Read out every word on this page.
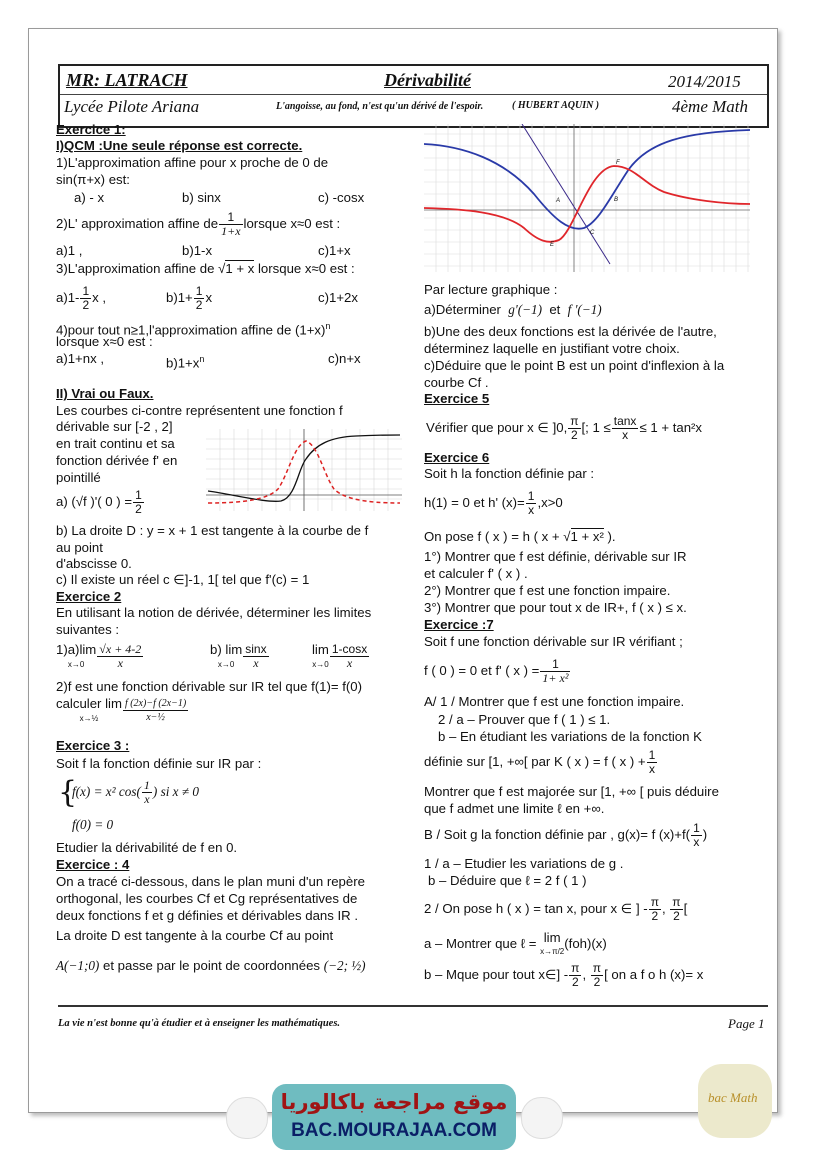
MR: LATRACH	Dérivabilité	2014/2015
Lycée Pilote Ariana	L'angoisse, au fond, n'est qu'un dérivé de l'espoir.	( HUBERT AQUIN )	4ème Math
Exercice 1:
I)QCM :Une seule réponse est correcte.
1)L'approximation affine pour x proche de 0 de
sin(π+x) est:
a) - x	b) sinx	c) -cosx
2)L' approximation affine de $\frac{1}{1+x}$ lorsque x≈0 est :
a)1 ,	b)1-x	c)1+x
3)L'approximation affine de √1 + x lorsque x≈0 est :
$a)1- \frac{1}{2}$ x ,	$b)1+ \frac{1}{2}$ x	c)1+2x
4)pour tout n≥1,l'approximation affine de $(1+x)^n$
lorsque x≈0 est :
a)1+nx ,	$b)1+x^n$	c)n+x
II) Vrai ou Faux.
Les courbes ci-contre représentent une fonction f
dérivable sur [-2 , 2]
en trait continu et sa
fonction dérivée f' en
pointillé
a) (√f )'( 0 ) = $\frac{1}{2}$
b) La droite D : y = x + 1 est tangente à la courbe de f
au point
d'abscisse 0.
c) Il existe un réel c ∈]-1, 1[ tel que f'(c) = 1
Exercice 2
En utilisant la notion de dérivée, déterminer les limites
suivantes :
1)a)lim
$x\to 0 \frac{√x + 4-2}{x}$	b) lim
$x\to 0 \frac{\sin x}{x}$	lim
$x\to 0 \frac{1-\cos x}{x}$
2)f est une fonction dérivable sur IR tel que f(1)= f(0)
calculer lim
x→½ $\frac{f (2x)-f (2x-1)}{\text{x−½}}$
Exercice 3 :
Soit f la fonction définie sur IR par :
{
f(x) = x² $\cos( \frac{1}{x}$ ) si x ≠ 0
f(0) = 0
Etudier la dérivabilité de f en 0.
Exercice : 4
On a tracé ci-dessous, dans le plan muni d'un repère
orthogonal, les courbes Cf et Cg représentatives de
deux fonctions f et g définies et dérivables dans IR .
La droite D est tangente à la courbe Cf au point
A(−1;0) et passe par le point de coordonnées (−2; ½)
A	B
C
E
F
Par lecture graphique :
a)Déterminer g'(−1) et f '(−1)
b)Une des deux fonctions est la dérivée de l'autre,
déterminez laquelle en justifiant votre choix.
c)Déduire que le point B est un point d'inflexion à la
courbe Cf .
Exercice 5
Vérifier que pour x ∈ ]0, $\frac{\pi}{2}$ [; $1 \le \frac{\tan x}{x} \le 1 + \tan^2x$
Exercice 6
Soit h la fonction définie par :
h(1) = 0 et h' $(x)= \frac{1}{x} ,x>0$
On pose f ( x ) = h ( x + √1 + x² ).
1°) Montrer que f est définie, dérivable sur IR
et calculer f' ( x ) .
2°) Montrer que f est une fonction impaire.
3°) Montrer que pour tout x de IR+, f ( x ) ≤ x.
Exercice :7
Soit f une fonction dérivable sur IR vérifiant ;
f ( 0 ) = 0 et f' ( x ) = $\frac{1}{\text{1+ x²}}$
A/ 1 / Montrer que f est une fonction impaire.
2 / a – Prouver que f ( 1 ) ≤ 1.
b – En étudiant les variations de la fonction K
définie sur [1, +∞[ par K ( x ) = f ( x ) + $\frac{1}{x}$
Montrer que f est majorée sur [1, +∞ [ puis déduire
que f admet une limite ℓ en +∞.
B / Soit g la fonction définie par , g(x)= f $(x)+f( \frac{1}{x}$ )
1 / a – Etudier les variations de g .
b – Déduire que ℓ = 2 f ( 1 )
2 / On pose h ( x ) = tan x, pour x ∈ ] - $\frac{\pi}{2}$ , $\frac{\pi}{2}$ [
a – Montrer que ℓ = lim
x→π/2(foh)(x)
b – Mque pour tout x∈] - $\frac{\pi}{2}$ , $\frac{\pi}{2}$ [ on a f o h (x)= x
La vie n'est bonne qu'à étudier et à enseigner les mathématiques.	Page 1
موقع مراجعة باكالوريا
BAC.MOURAJAA.COM
bac Math
